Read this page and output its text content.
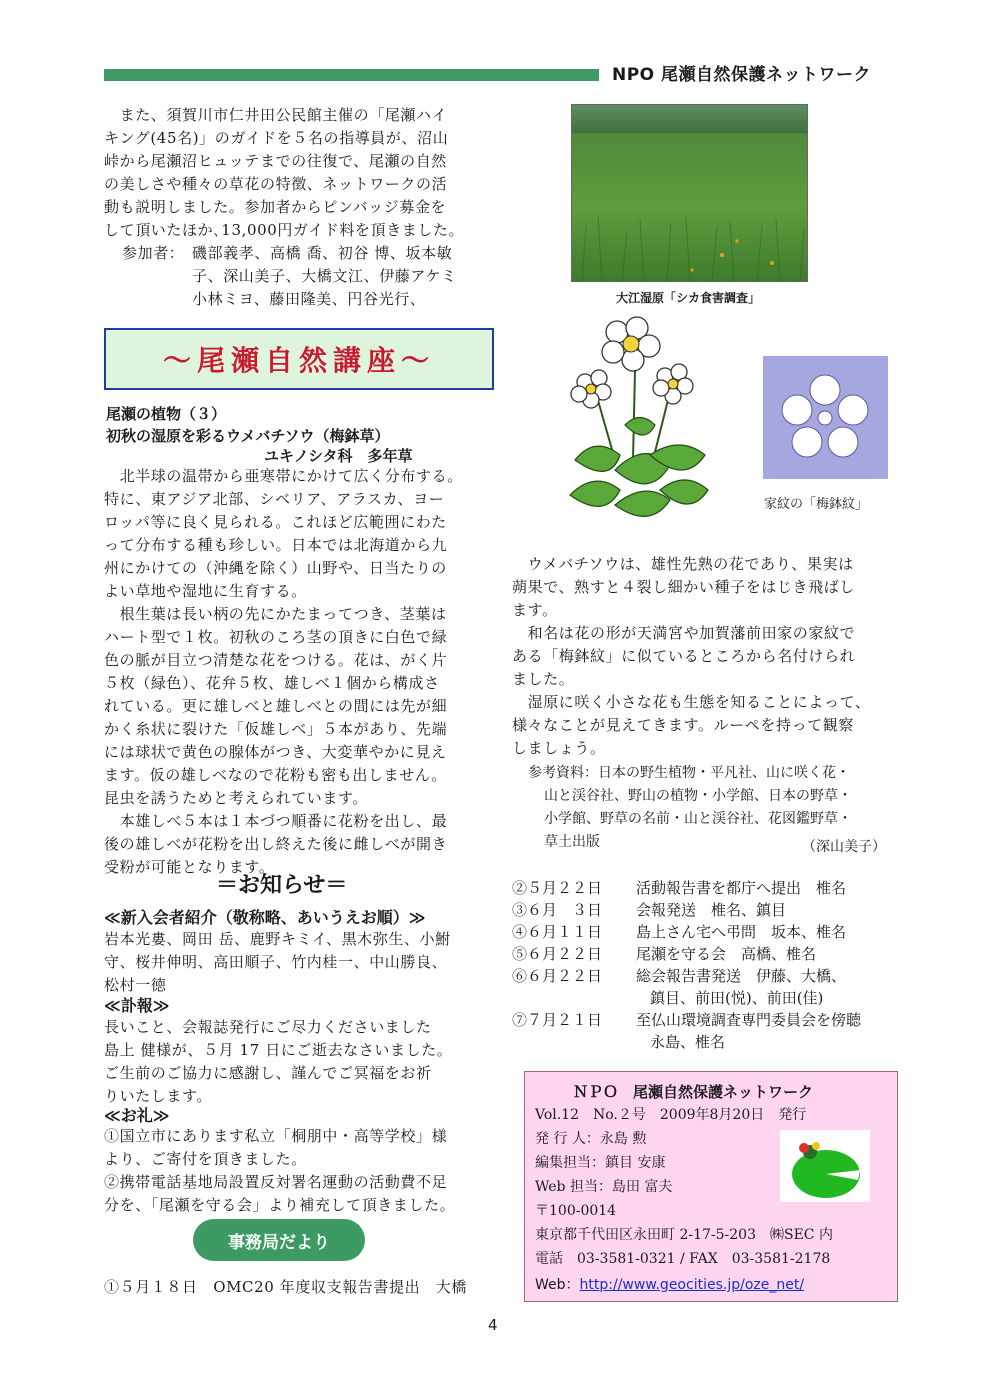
NPO 尾瀬自然保護ネットワーク
　また、須賀川市仁井田公民館主催の「尾瀬ハイ
キング(45名)」のガイドを５名の指導員が、沼山
峠から尾瀬沼ヒュッテまでの往復で、尾瀬の自然
の美しさや種々の草花の特徴、ネットワークの活
動も説明しました。参加者からピンバッジ募金を
して頂いたほか､13,000円ガイド料を頂きました。
参加者： 磯部義孝、高橋 喬、初谷 博、坂本敏
子、深山美子、大橋文江、伊藤アケミ
小林ミヨ、藤田隆美、円谷光行、	大江湿原「シカ食害調査」
～尾瀬自然講座～
尾瀬の植物（３）
初秋の湿原を彩るウメバチソウ（梅鉢草）
ユキノシタ科　多年草
　北半球の温帯から亜寒帯にかけて広く分布する。
特に、東アジア北部、シベリア、アラスカ、ヨー
ロッパ等に良く見られる。これほど広範囲にわた
って分布する種も珍しい。日本では北海道から九
州にかけての（沖縄を除く）山野や、日当たりの
よい草地や湿地に生育する。
　根生葉は長い柄の先にかたまってつき、茎葉は
ハート型で１枚。初秋のころ茎の頂きに白色で緑
色の脈が目立つ清楚な花をつける。花は、がく片
５枚（緑色）、花弁５枚、雄しべ１個から構成さ
れている。更に雄しべと雄しべとの間には先が細
かく糸状に裂けた「仮雄しべ」５本があり、先端
には球状で黄色の腺体がつき、大変華やかに見え
ます。仮の雄しべなので花粉も密も出しません。
昆虫を誘うためと考えられています。
　本雄しべ５本は１本づつ順番に花粉を出し、最
後の雄しべが花粉を出し終えた後に雌しべが開き
受粉が可能となります。
家紋の「梅鉢紋」
　ウメバチソウは、雄性先熟の花であり、果実は
蒴果で、熟すと４裂し細かい種子をはじき飛ばし
ます。
　和名は花の形が天満宮や加賀藩前田家の家紋で
ある「梅鉢紋」に似ているところから名付けられ
ました。
　湿原に咲く小さな花も生態を知ることによって、
様々なことが見えてきます。ルーペを持って観察
しましょう。
参考資料：日本の野生植物・平凡社、山に咲く花・
山と渓谷社、野山の植物・小学館、日本の野草・
小学館、野草の名前・山と渓谷社、花図鑑野草・
草土出版	（深山美子）
＝お知らせ＝
≪新入会者紹介（敬称略、あいうえお順）≫
岩本光婁、岡田 岳、鹿野キミイ、黒木弥生、小鮒
守、桜井伸明、高田順子、竹内桂一、中山勝良、
松村一徳
≪訃報≫
長いこと、会報誌発行にご尽力くださいました
島上 健様が、５月 17 日にご逝去なさいました。
ご生前のご協力に感謝し、謹んでご冥福をお祈
りいたします。
≪お礼≫
①国立市にあります私立「桐朋中・高等学校」様
より、ご寄付を頂きました。
②携帯電話基地局設置反対署名運動の活動費不足
分を、「尾瀬を守る会」より補充して頂きました。
事務局だより
①５月１８日　OMC20 年度収支報告書提出　大橋
②５月２２日 活動報告書を都庁へ提出　椎名
③６月　３日 会報発送　椎名、鎮目
④６月１１日 島上さん宅へ弔問　坂本、椎名
⑤６月２２日 尾瀬を守る会　高橋、椎名
⑥６月２２日 総会報告書発送　伊藤、大橋、
鎮目、前田(悦)、前田(佳)
⑦７月２１日 至仏山環境調査専門委員会を傍聴
永島、椎名
ＮＰＯ　尾瀬自然保護ネットワーク
Vol.12　No.２号　2009年8月20日　発行
発 行 人：永島 勲
編集担当：鎮目 安康
Web 担当：島田 富夫
〒100-0014
東京都千代田区永田町 2-17-5-203　㈱SEC 内
電話　03-3581-0321 / FAX　03-3581-2178
Web：http://www.geocities.jp/oze_net/
4
